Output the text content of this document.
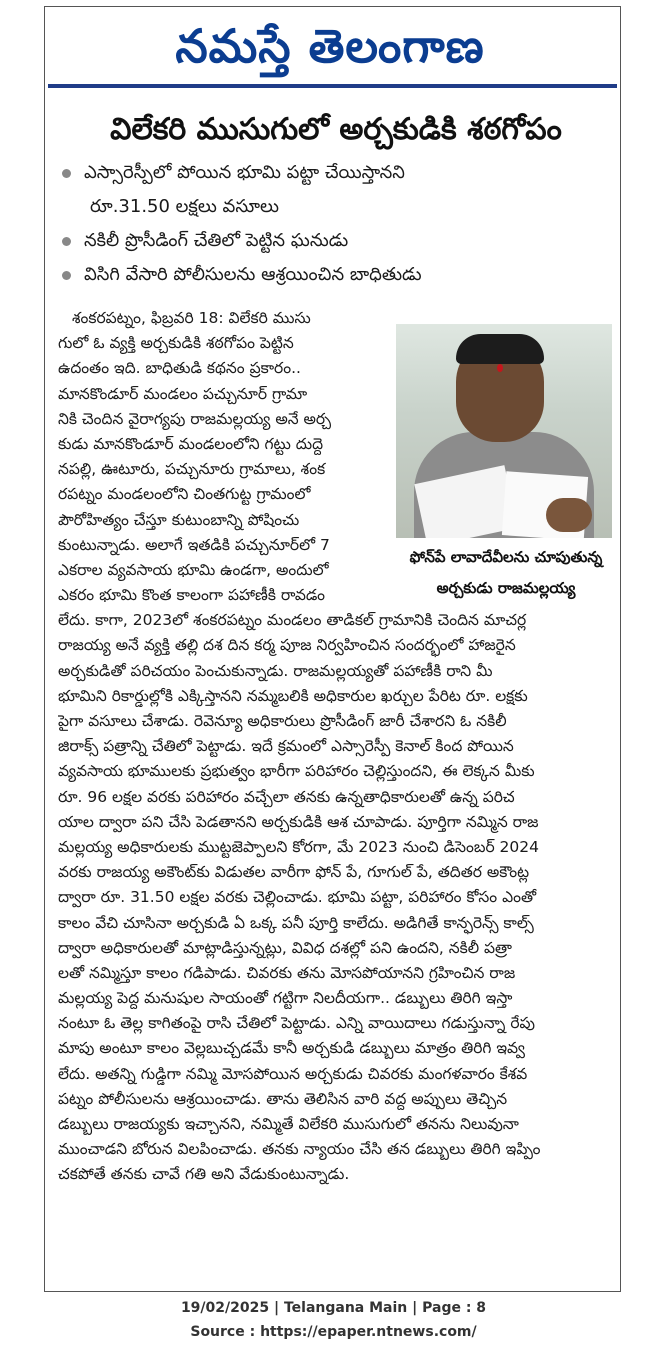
నమస్తే తెలంగాణ
విలేకరి ముసుగులో అర్చకుడికి శఠగోపం
ఎస్సారెస్పీలో పోయిన భూమి పట్టా చేయిస్తానని
రూ.31.50 లక్షలు వసూలు
నకిలీ ప్రొసీడింగ్ చేతిలో పెట్టిన ఘనుడు
విసిగి వేసారి పోలీసులను ఆశ్రయించిన బాధితుడు
ఫోన్‌పే లావాదేవీలను చూపుతున్న
అర్చకుడు రాజమల్లయ్య
శంకరపట్నం, ఫిబ్రవరి 18: విలేకరి ముసు
గులో ఓ వ్యక్తి అర్చకుడికి శఠగోపం పెట్టిన
ఉదంతం ఇది. బాధితుడి కథనం ప్రకారం..
మానకొండూర్ మండలం పచ్చునూర్ గ్రామా
నికి చెందిన వైరాగ్యపు రాజమల్లయ్య అనే అర్చ
కుడు మానకొండూర్ మండలంలోని గట్టు దుద్దె
నపల్లి, ఊటూరు, పచ్చునూరు గ్రామాలు, శంక
రపట్నం మండలంలోని చింతగుట్ట గ్రామంలో
పౌరోహిత్యం చేస్తూ కుటుంబాన్ని పోషించు
కుంటున్నాడు. అలాగే ఇతడికి పచ్చునూర్‌లో 7
ఎకరాల వ్యవసాయ భూమి ఉండగా, అందులో
ఎకరం భూమి కొంత కాలంగా పహాణీకి రావడం
లేదు. కాగా, 2023లో శంకరపట్నం మండలం తాడికల్ గ్రామానికి చెందిన మాచర్ల
రాజయ్య అనే వ్యక్తి తల్లి దశ దిన కర్మ పూజ నిర్వహించిన సందర్భంలో హాజరైన
అర్చకుడితో పరిచయం పెంచుకున్నాడు. రాజమల్లయ్యతో పహాణీకి రాని మీ
భూమిని రికార్డుల్లోకి ఎక్కిస్తానని నమ్మబలికి అధికారుల ఖర్చుల పేరిట రూ. లక్షకు
పైగా వసూలు చేశాడు. రెవెన్యూ అధికారులు ప్రొసీడింగ్ జారీ చేశారని ఓ నకిలీ
జిరాక్స్ పత్రాన్ని చేతిలో పెట్టాడు. ఇదే క్రమంలో ఎస్సారెస్పీ కెనాల్ కింద పోయిన
వ్యవసాయ భూములకు ప్రభుత్వం భారీగా పరిహారం చెల్లిస్తుందని, ఈ లెక్కన మీకు
రూ. 96 లక్షల వరకు పరిహారం వచ్చేలా తనకు ఉన్నతాధికారులతో ఉన్న పరిచ
యాల ద్వారా పని చేసి పెడతానని అర్చకుడికి ఆశ చూపాడు. పూర్తిగా నమ్మిన రాజ
మల్లయ్య అధికారులకు ముట్టజెప్పాలని కోరగా, మే 2023 నుంచి డిసెంబర్ 2024
వరకు రాజయ్య అకౌంట్‌కు విడుతల వారీగా ఫోన్ పే, గూగుల్ పే, తదితర అకౌంట్ల
ద్వారా రూ. 31.50 లక్షల వరకు చెల్లించాడు. భూమి పట్టా, పరిహారం కోసం ఎంతో
కాలం వేచి చూసినా అర్చకుడి ఏ ఒక్క పనీ పూర్తి కాలేదు. అడిగితే కాన్ఫరెన్స్ కాల్స్
ద్వారా అధికారులతో మాట్లాడిస్తున్నట్లు, వివిధ దశల్లో పని ఉందని, నకిలీ పత్రా
లతో నమ్మిస్తూ కాలం గడిపాడు. చివరకు తను మోసపోయానని గ్రహించిన రాజ
మల్లయ్య పెద్ద మనుషుల సాయంతో గట్టిగా నిలదీయగా.. డబ్బులు తిరిగి ఇస్తా
నంటూ ఓ తెల్ల కాగితంపై రాసి చేతిలో పెట్టాడు. ఎన్ని వాయిదాలు గడుస్తున్నా రేపు
మాపు అంటూ కాలం వెల్లబుచ్చడమే కానీ అర్చకుడి డబ్బులు మాత్రం తిరిగి ఇవ్వ
లేదు. అతన్ని గుడ్డిగా నమ్మి మోసపోయిన అర్చకుడు చివరకు మంగళవారం కేశవ
పట్నం పోలీసులను ఆశ్రయించాడు. తాను తెలిసిన వారి వద్ద అప్పులు తెచ్చిన
డబ్బులు రాజయ్యకు ఇచ్చానని, నమ్మితే విలేకరి ముసుగులో తనను నిలువునా
ముంచాడని బోరున విలపించాడు. తనకు న్యాయం చేసి తన డబ్బులు తిరిగి ఇప్పిం
చకపోతే తనకు చావే గతి అని వేడుకుంటున్నాడు.
19/02/2025 | Telangana Main | Page : 8
Source : https://epaper.ntnews.com/
